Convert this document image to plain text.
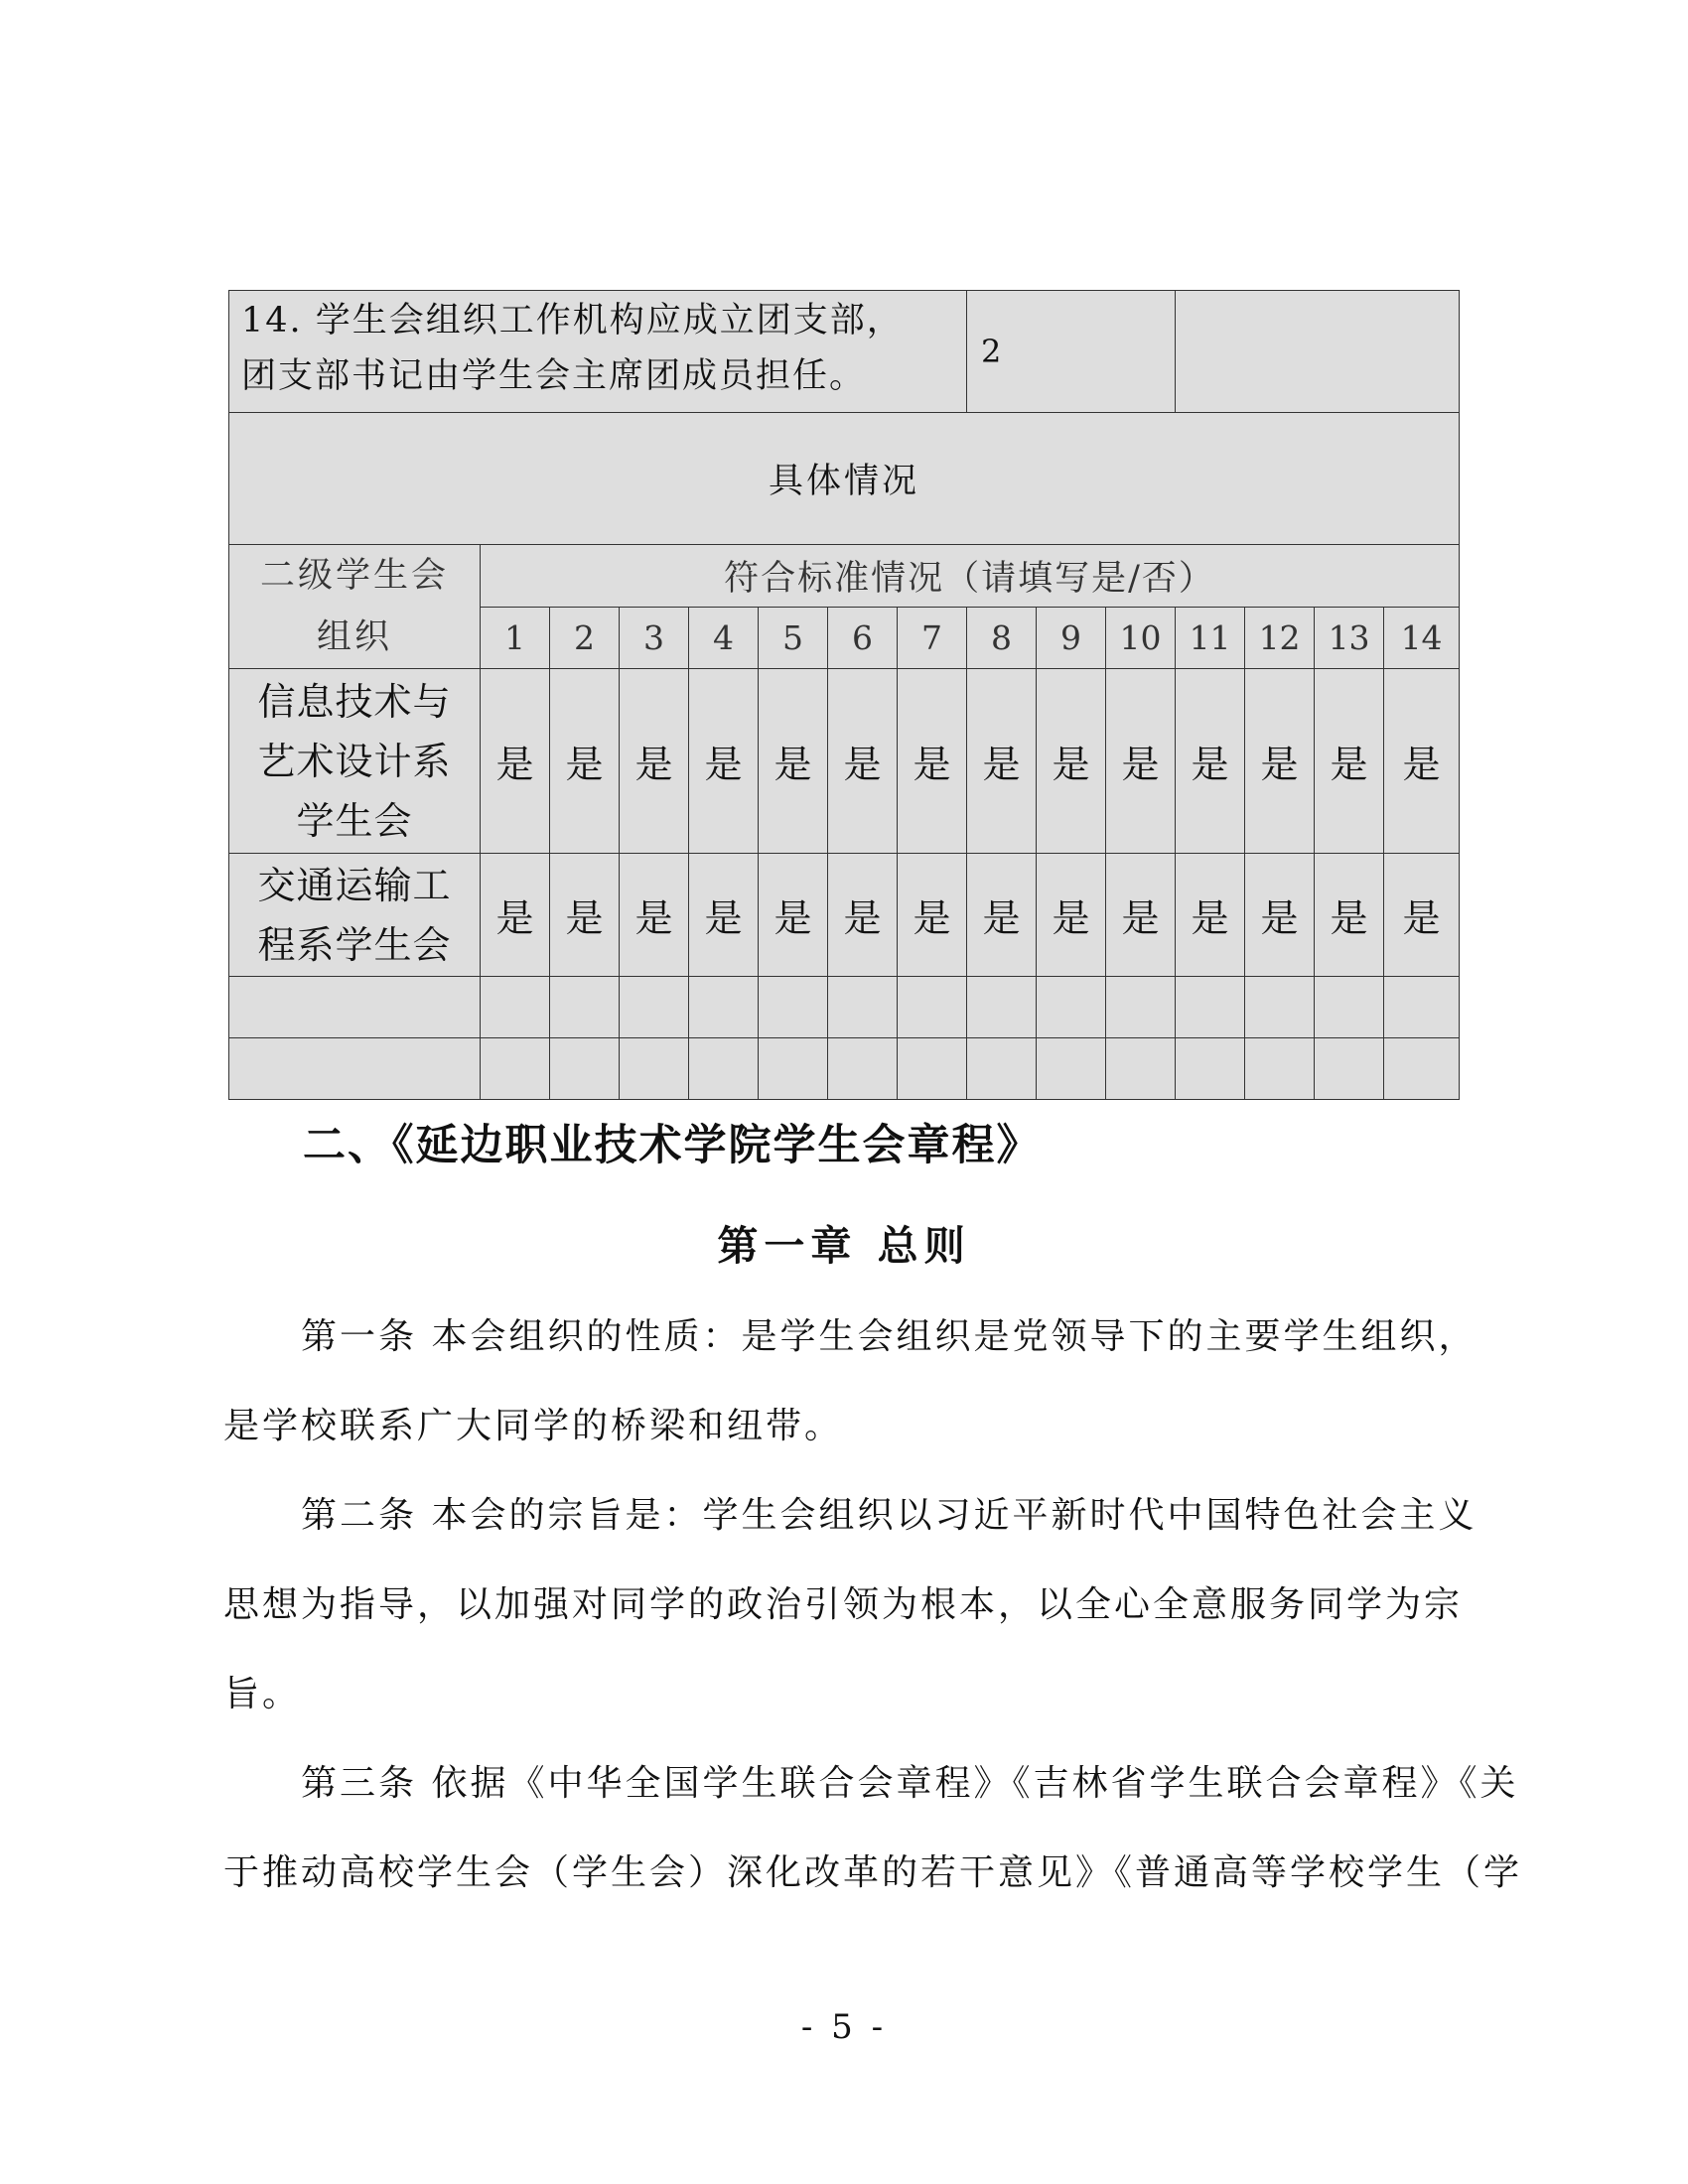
14. 学生会组织工作机构应成立团支部，
团支部书记由学生会主席团成员担任。								2						
具体情况														

二级学生会
组织	符合标准情况（请填写是/否）													
	1	2	3	4	5	6	7	8	9	10	11	12	13	14

信息技术与
艺术设计系
学生会	是	是	是	是	是	是	是	是	是	是	是	是	是	是

交通运输工
程系学生会	是	是	是	是	是	是	是	是	是	是	是	是	是	是

二、《延边职业技术学院学生会章程》
第一章 总则
　　第一条 本会组织的性质：是学生会组织是党领导下的主要学生组织，
是学校联系广大同学的桥梁和纽带。
　　第二条 本会的宗旨是：学生会组织以习近平新时代中国特色社会主义
思想为指导，以加强对同学的政治引领为根本，以全心全意服务同学为宗
旨。
　　第三条 依据《中华全国学生联合会章程》《吉林省学生联合会章程》《关
于推动高校学生会（学生会）深化改革的若干意见》《普通高等学校学生（学
- 5 -
